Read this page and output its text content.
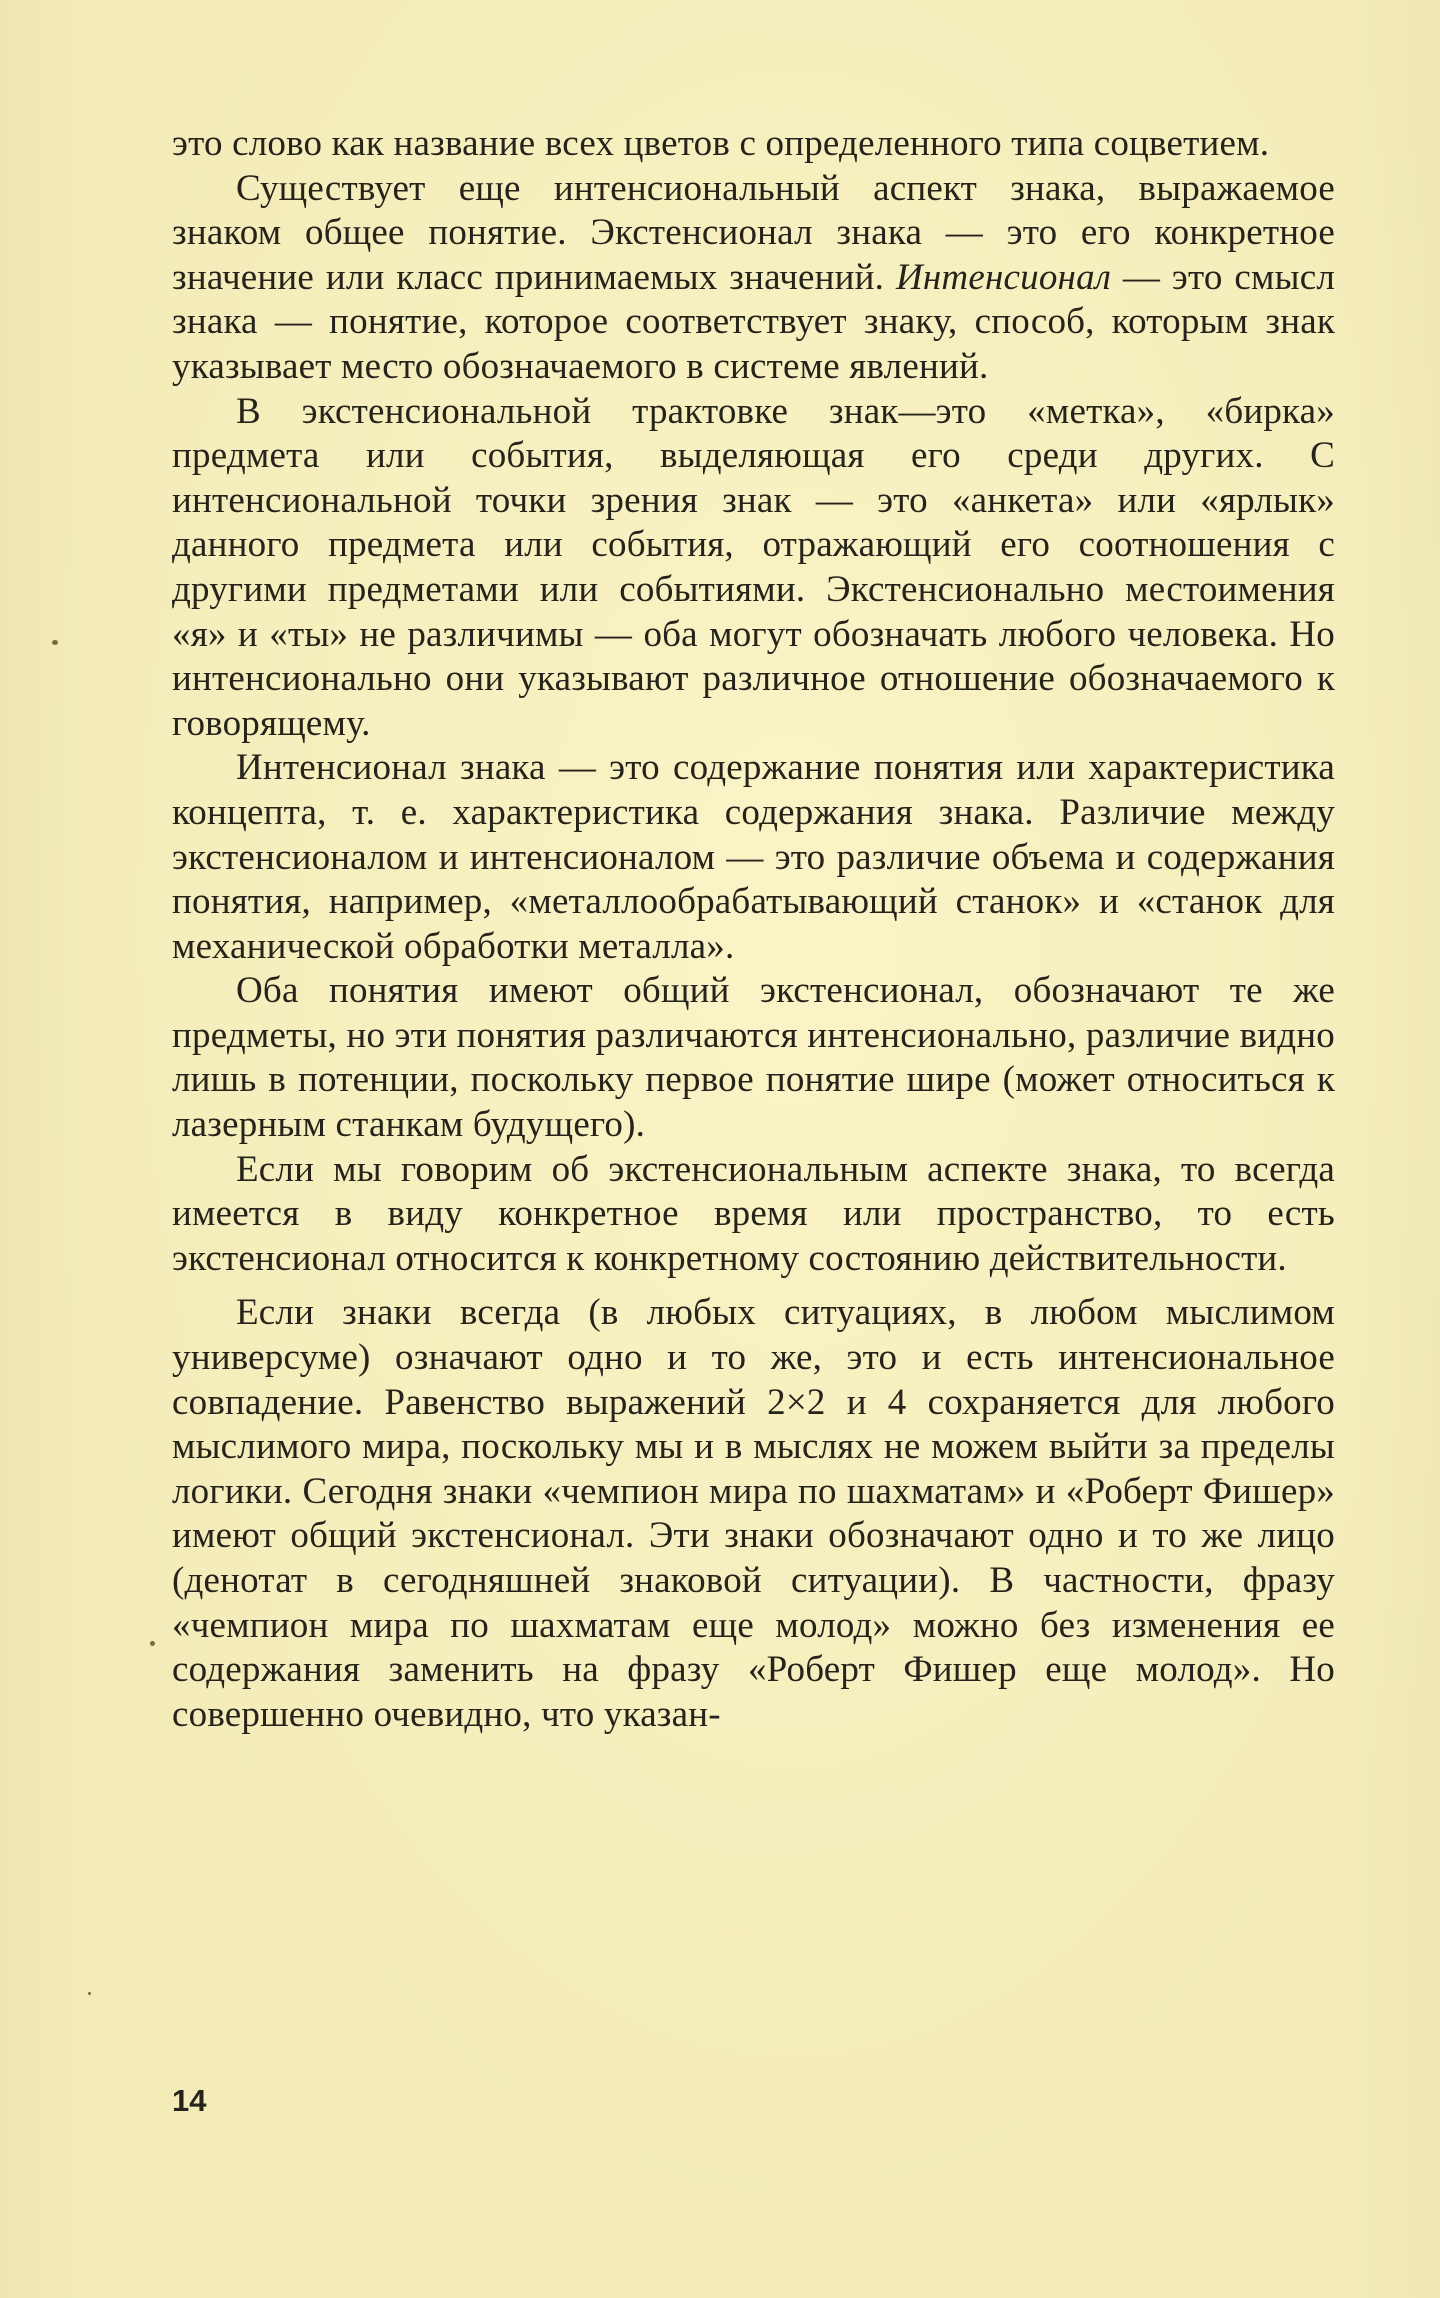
это слово как название всех цветов с определенного типа соцветием.

Существует еще интенсиональный аспект знака, выражаемое знаком общее понятие. Экстенсионал знака — это его конкретное значение или класс принимаемых значений. Интенсионал — это смысл знака — понятие, которое соответствует знаку, способ, которым знак указывает место обозначаемого в системе явлений.

В экстенсиональной трактовке знак—это «метка», «бирка» предмета или события, выделяющая его среди других. С интенсиональной точки зрения знак — это «анкета» или «ярлык» данного предмета или события, отражающий его соотношения с другими предметами или событиями. Экстенсионально местоимения «я» и «ты» не различимы — оба могут обозначать любого человека. Но интенсионально они указывают различное отношение обозначаемого к говорящему.

Интенсионал знака — это содержание понятия или характеристика концепта, т. е. характеристика содержания знака. Различие между экстенсионалом и интенсионалом — это различие объема и содержания понятия, например, «металлообрабатывающий станок» и «станок для механической обработки металла».

Оба понятия имеют общий экстенсионал, обозначают те же предметы, но эти понятия различаются интенсионально, различие видно лишь в потенции, поскольку первое понятие шире (может относиться к лазерным станкам будущего).

Если мы говорим об экстенсиональным аспекте знака, то всегда имеется в виду конкретное время или пространство, то есть экстенсионал относится к конкретному состоянию действительности.

Если знаки всегда (в любых ситуациях, в любом мыслимом универсуме) означают одно и то же, это и есть интенсиональное совпадение. Равенство выражений 2×2 и 4 сохраняется для любого мыслимого мира, поскольку мы и в мыслях не можем выйти за пределы логики. Сегодня знаки «чемпион мира по шахматам» и «Роберт Фишер» имеют общий экстенсионал. Эти знаки обозначают одно и то же лицо (денотат в сегодняшней знаковой ситуации). В частности, фразу «чемпион мира по шахматам еще молод» можно без изменения ее содержания заменить на фразу «Роберт Фишер еще молод». Но совершенно очевидно, что указан-

14
